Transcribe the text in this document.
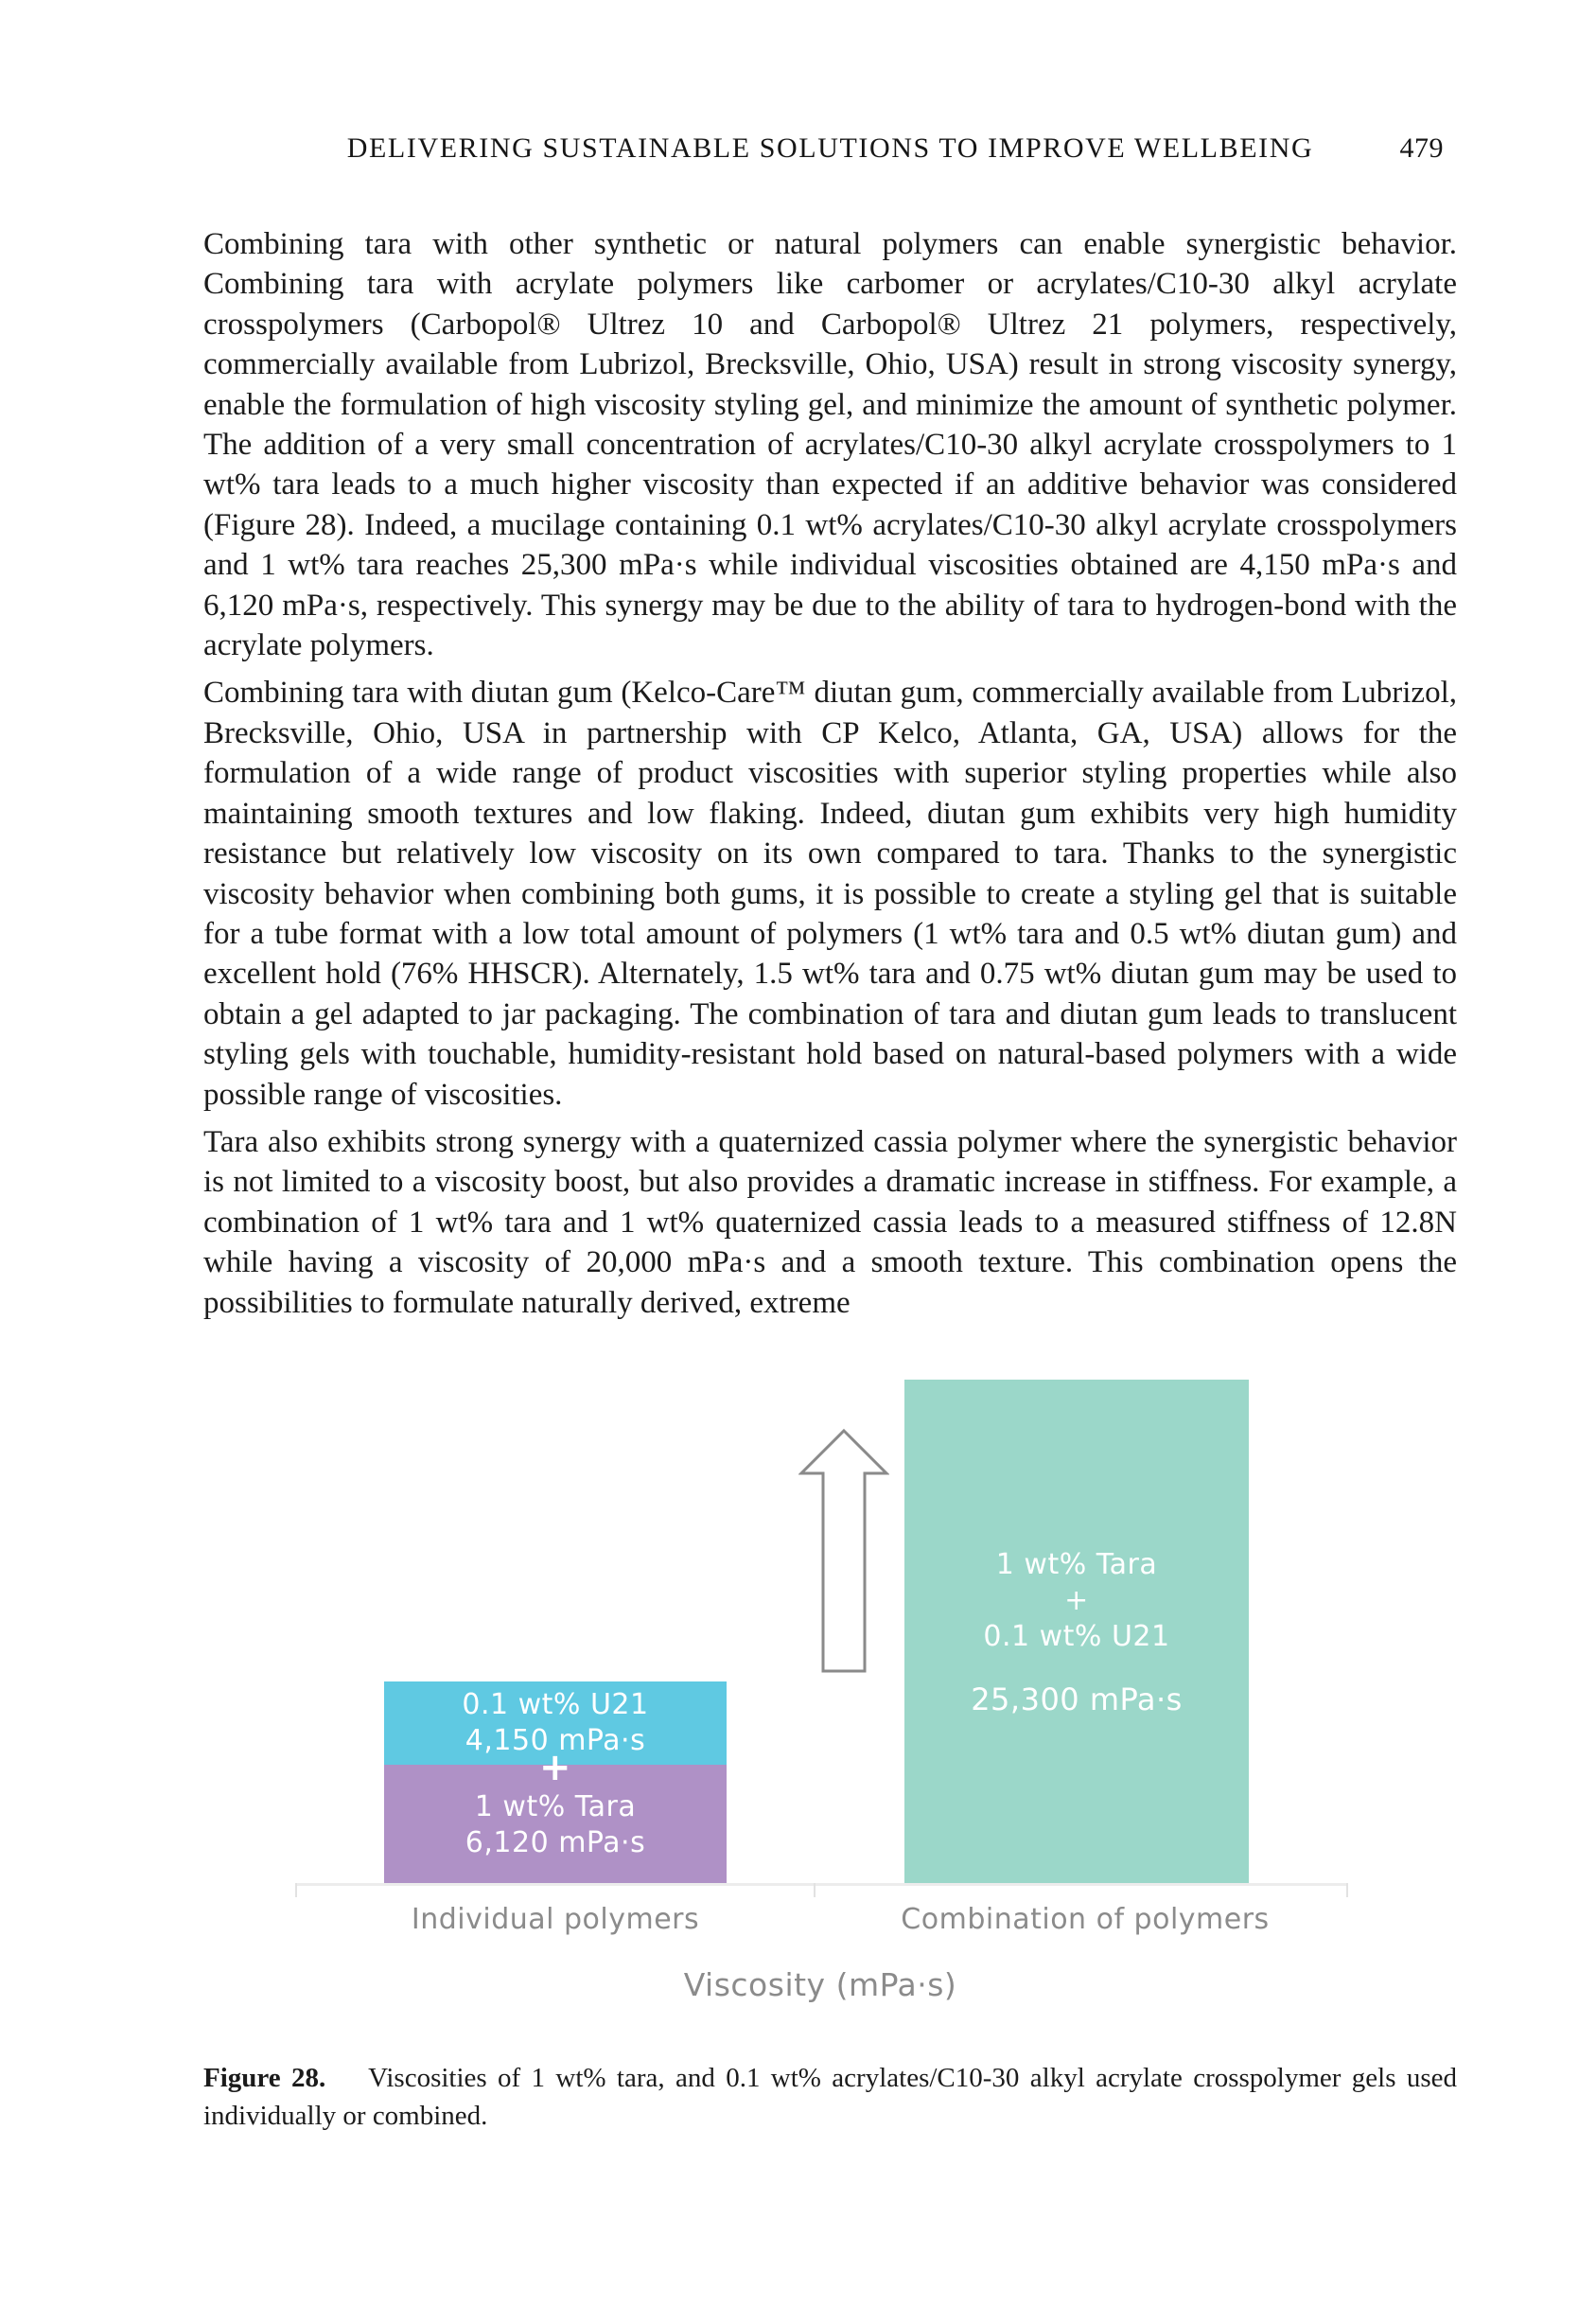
DELIVERING SUSTAINABLE SOLUTIONS TO IMPROVE WELLBEING	479

Combining tara with other synthetic or natural polymers can enable synergistic behavior. Combining tara with acrylate polymers like carbomer or acrylates/C10-30 alkyl acrylate crosspolymers (Carbopol® Ultrez 10 and Carbopol® Ultrez 21 polymers, respectively, commercially available from Lubrizol, Brecksville, Ohio, USA) result in strong viscosity synergy, enable the formulation of high viscosity styling gel, and minimize the amount of synthetic polymer. The addition of a very small concentration of acrylates/C10-30 alkyl acrylate crosspolymers to 1 wt% tara leads to a much higher viscosity than expected if an additive behavior was considered (Figure 28). Indeed, a mucilage containing 0.1 wt% acrylates/C10-30 alkyl acrylate crosspolymers and 1 wt% tara reaches 25,300 mPa·s while individual viscosities obtained are 4,150 mPa·s and 6,120 mPa·s, respectively. This synergy may be due to the ability of tara to hydrogen-bond with the acrylate polymers.

Combining tara with diutan gum (Kelco-Care™ diutan gum, commercially available from Lubrizol, Brecksville, Ohio, USA in partnership with CP Kelco, Atlanta, GA, USA) allows for the formulation of a wide range of product viscosities with superior styling properties while also maintaining smooth textures and low flaking. Indeed, diutan gum exhibits very high humidity resistance but relatively low viscosity on its own compared to tara. Thanks to the synergistic viscosity behavior when combining both gums, it is possible to create a styling gel that is suitable for a tube format with a low total amount of polymers (1 wt% tara and 0.5 wt% diutan gum) and excellent hold (76% HHSCR). Alternately, 1.5 wt% tara and 0.75 wt% diutan gum may be used to obtain a gel adapted to jar packaging. The combination of tara and diutan gum leads to translucent styling gels with touchable, humidity-resistant hold based on natural-based polymers with a wide possible range of viscosities.

Tara also exhibits strong synergy with a quaternized cassia polymer where the synergistic behavior is not limited to a viscosity boost, but also provides a dramatic increase in stiffness. For example, a combination of 1 wt% tara and 1 wt% quaternized cassia leads to a measured stiffness of 12.8N while having a viscosity of 20,000 mPa·s and a smooth texture. This combination opens the possibilities to formulate naturally derived, extreme

1 wt% Tara
+
0.1 wt% U21
25,300 mPa·s
0.1 wt% U21
4,150 mPa·s
1 wt% Tara
6,120 mPa·s
+
Individual polymers	Combination of polymers
Viscosity (mPa·s)
Figure 28. Viscosities of 1 wt% tara, and 0.1 wt% acrylates/C10-30 alkyl acrylate crosspolymer gels used individually or combined.
